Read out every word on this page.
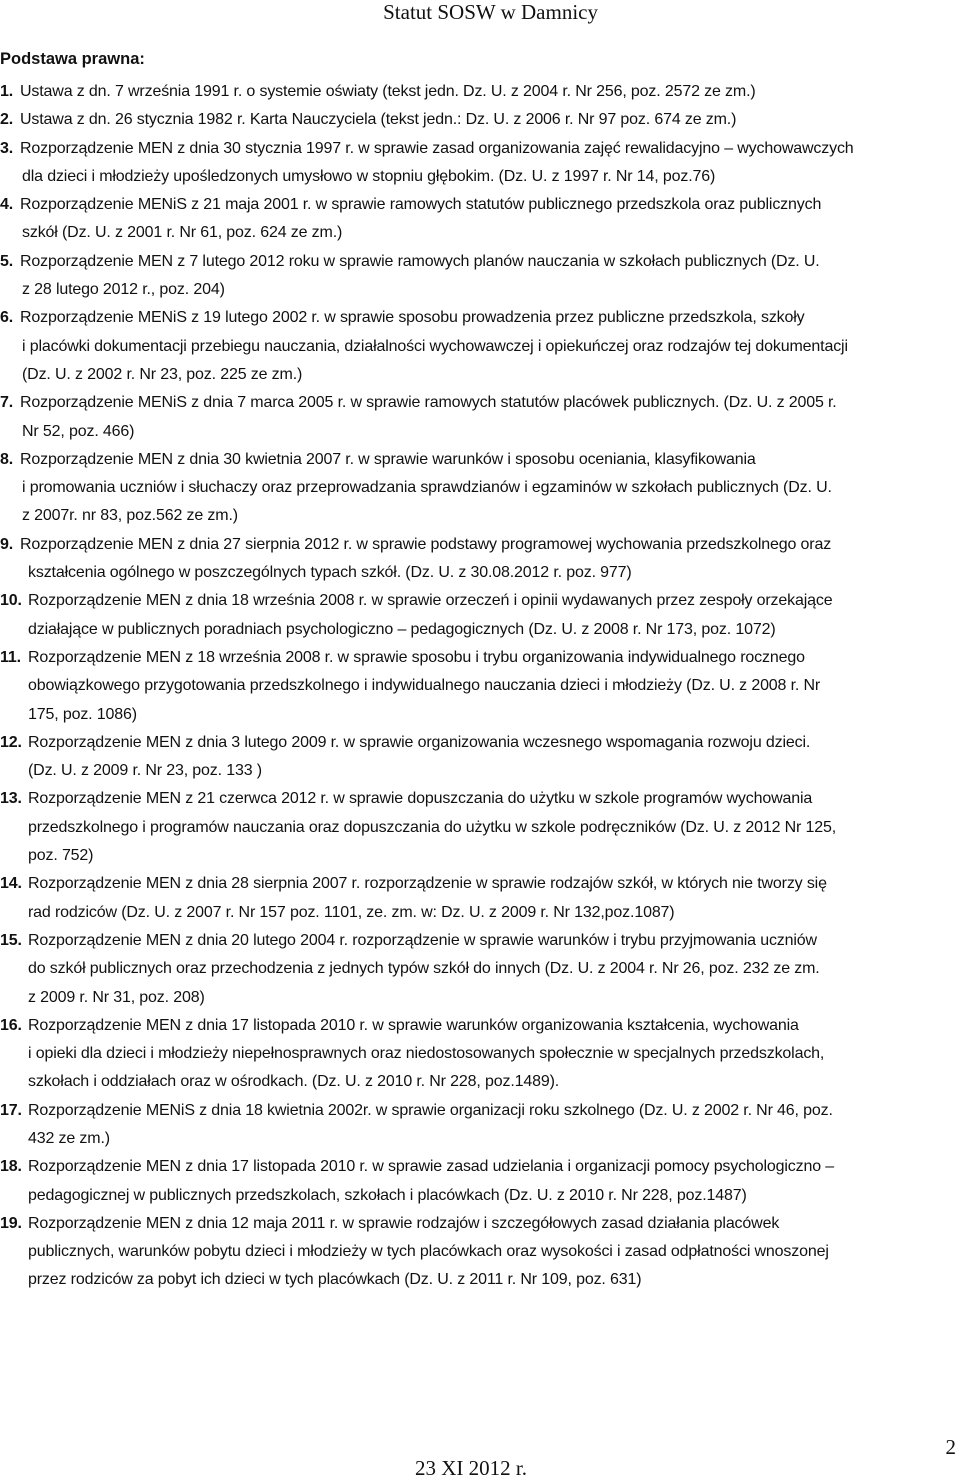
Statut SOSW w Damnicy
Podstawa prawna:
1. Ustawa z dn. 7 września 1991 r. o systemie oświaty (tekst jedn. Dz. U. z 2004 r. Nr 256, poz. 2572 ze zm.)
2. Ustawa z dn. 26 stycznia 1982 r. Karta Nauczyciela (tekst jedn.: Dz. U. z 2006 r. Nr 97 poz. 674 ze zm.)
3. Rozporządzenie MEN z dnia 30 stycznia 1997 r. w sprawie zasad organizowania zajęć rewalidacyjno – wychowawczych
dla dzieci i młodzieży upośledzonych umysłowo w stopniu głębokim. (Dz. U. z 1997 r. Nr 14, poz.76)
4. Rozporządzenie MENiS z 21 maja 2001 r. w sprawie ramowych statutów publicznego przedszkola oraz publicznych
szkół (Dz. U. z 2001 r. Nr 61, poz. 624 ze zm.)
5. Rozporządzenie MEN z 7 lutego 2012 roku w sprawie ramowych planów nauczania w szkołach publicznych (Dz. U.
z 28 lutego 2012 r., poz. 204)
6. Rozporządzenie MENiS z 19 lutego 2002 r. w sprawie sposobu prowadzenia przez publiczne przedszkola, szkoły
i placówki dokumentacji przebiegu nauczania, działalności wychowawczej i opiekuńczej oraz rodzajów tej dokumentacji
(Dz. U. z 2002 r. Nr 23, poz. 225 ze zm.)
7. Rozporządzenie MENiS z dnia 7 marca 2005 r. w sprawie ramowych statutów placówek publicznych. (Dz. U. z 2005 r.
Nr 52, poz. 466)
8. Rozporządzenie MEN z dnia 30 kwietnia 2007 r. w sprawie warunków i sposobu oceniania, klasyfikowania
i promowania uczniów i słuchaczy oraz przeprowadzania sprawdzianów i egzaminów w szkołach publicznych (Dz. U.
z 2007r. nr 83, poz.562 ze zm.)
9. Rozporządzenie MEN z dnia 27 sierpnia 2012 r. w sprawie podstawy programowej wychowania przedszkolnego oraz
kształcenia ogólnego w poszczególnych typach szkół. (Dz. U. z 30.08.2012 r. poz. 977)
10. Rozporządzenie MEN z dnia 18 września 2008 r. w sprawie orzeczeń i opinii wydawanych przez zespoły orzekające
działające w publicznych poradniach psychologiczno – pedagogicznych (Dz. U. z 2008 r. Nr 173, poz. 1072)
11. Rozporządzenie MEN z 18 września 2008 r. w sprawie sposobu i trybu organizowania indywidualnego rocznego
obowiązkowego przygotowania przedszkolnego i indywidualnego nauczania dzieci i młodzieży (Dz. U. z 2008 r. Nr
175, poz. 1086)
12. Rozporządzenie MEN z dnia 3 lutego 2009 r. w sprawie organizowania wczesnego wspomagania rozwoju dzieci.
(Dz. U. z 2009 r. Nr 23, poz. 133 )
13. Rozporządzenie MEN z 21 czerwca 2012 r. w sprawie dopuszczania do użytku w szkole programów wychowania
przedszkolnego i programów nauczania oraz dopuszczania do użytku w szkole podręczników (Dz. U. z 2012 Nr 125,
poz. 752)
14. Rozporządzenie MEN z dnia 28 sierpnia 2007 r. rozporządzenie w sprawie rodzajów szkół, w których nie tworzy się
rad rodziców (Dz. U. z 2007 r. Nr 157 poz. 1101, ze. zm. w: Dz. U. z 2009 r. Nr 132,poz.1087)
15. Rozporządzenie MEN z dnia 20 lutego 2004 r. rozporządzenie w sprawie warunków i trybu przyjmowania uczniów
do szkół publicznych oraz przechodzenia z jednych typów szkół do innych (Dz. U. z 2004 r. Nr 26, poz. 232 ze zm.
z 2009 r. Nr 31, poz. 208)
16. Rozporządzenie MEN z dnia 17 listopada 2010 r. w sprawie warunków organizowania kształcenia, wychowania
i opieki dla dzieci i młodzieży niepełnosprawnych oraz niedostosowanych społecznie w specjalnych przedszkolach,
szkołach i oddziałach oraz w ośrodkach. (Dz. U. z 2010 r. Nr 228, poz.1489).
17. Rozporządzenie MENiS z dnia 18 kwietnia 2002r. w sprawie organizacji roku szkolnego (Dz. U. z 2002 r. Nr 46, poz.
432 ze zm.)
18. Rozporządzenie MEN z dnia 17 listopada 2010 r. w sprawie zasad udzielania i organizacji pomocy psychologiczno –
pedagogicznej w publicznych przedszkolach, szkołach i placówkach (Dz. U. z 2010 r. Nr 228, poz.1487)
19. Rozporządzenie MEN z dnia 12 maja 2011 r. w sprawie rodzajów i szczegółowych zasad działania placówek
publicznych, warunków pobytu dzieci i młodzieży w tych placówkach oraz wysokości i zasad odpłatności wnoszonej
przez rodziców za pobyt ich dzieci w tych placówkach (Dz. U. z 2011 r. Nr 109, poz. 631)
2
23 XI 2012 r.
